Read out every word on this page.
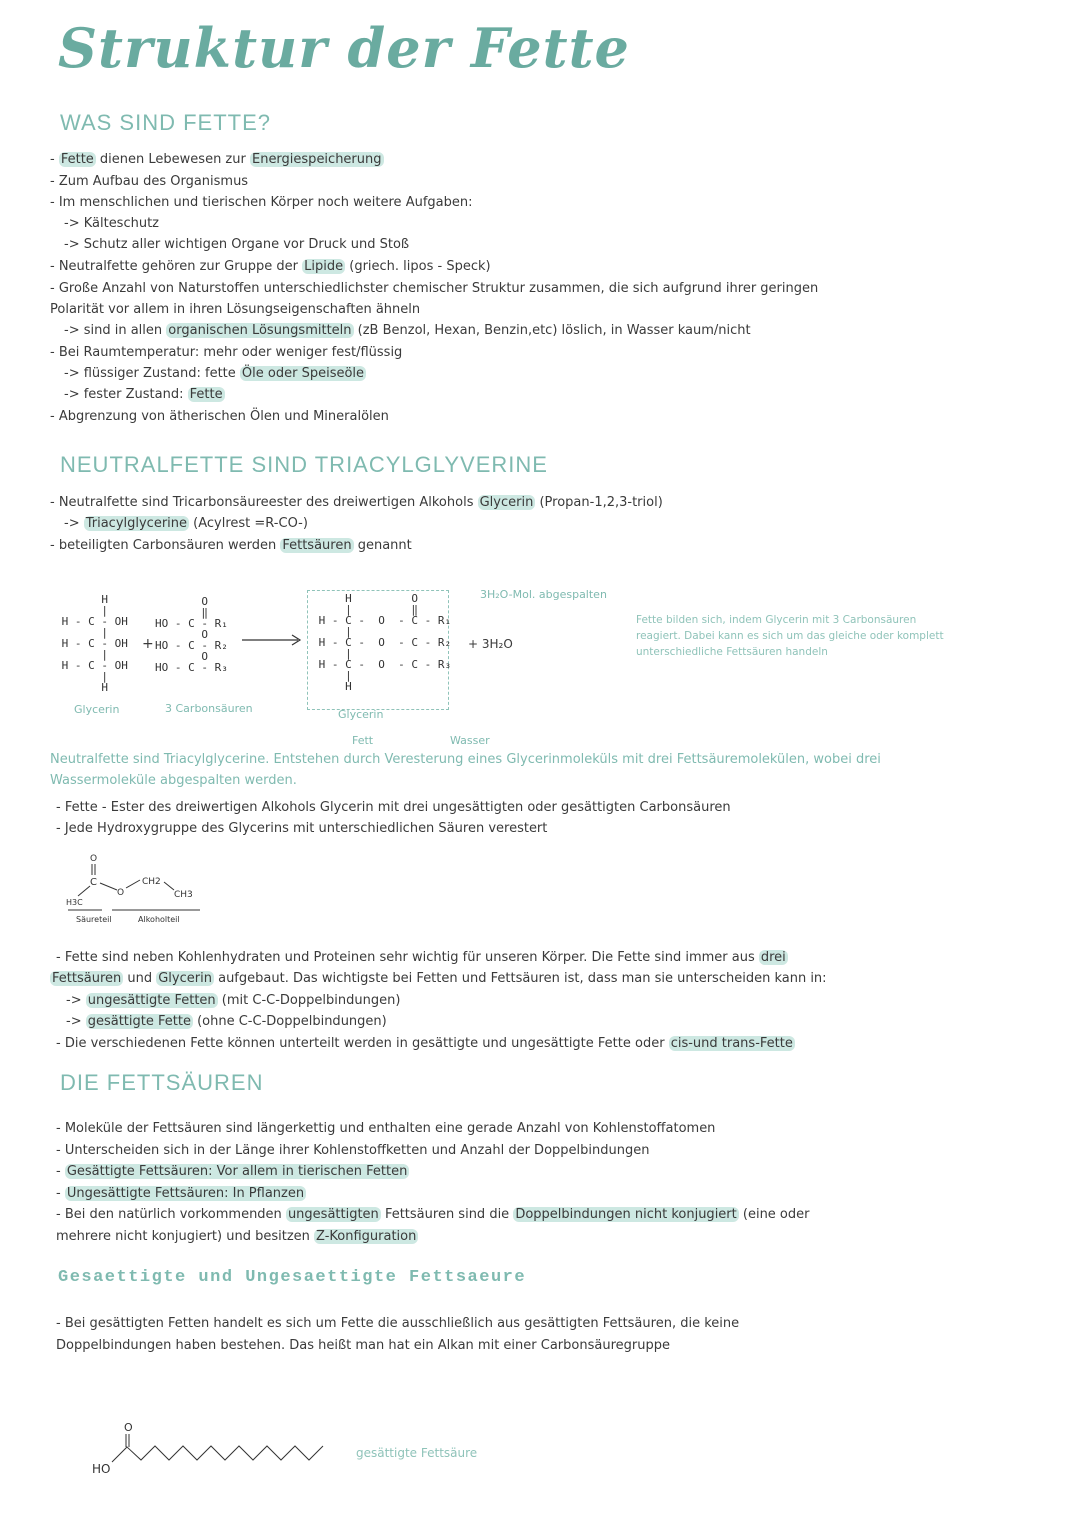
Struktur der Fette
WAS SIND FETTE?
- Fette dienen Lebewesen zur Energiespeicherung
- Zum Aufbau des Organismus
- Im menschlichen und tierischen Körper noch weitere Aufgaben:
-> Kälteschutz
-> Schutz aller wichtigen Organe vor Druck und Stoß
- Neutralfette gehören zur Gruppe der Lipide (griech. lipos - Speck)
- Große Anzahl von Naturstoffen unterschiedlichster chemischer Struktur zusammen, die sich aufgrund ihrer geringen
Polarität vor allem in ihren Lösungseigenschaften ähneln
-> sind in allen organischen Lösungsmitteln (zB Benzol, Hexan, Benzin,etc) löslich, in Wasser kaum/nicht
- Bei Raumtemperatur: mehr oder weniger fest/flüssig
-> flüssiger Zustand: fette Öle oder Speiseöle
-> fester Zustand: Fette
- Abgrenzung von ätherischen Ölen und Mineralölen
NEUTRALFETTE SIND TRIACYLGLYVERINE
- Neutralfette sind Tricarbonsäureester des dreiwertigen Alkohols Glycerin (Propan-1,2,3-triol)
-> Triacylglycerine (Acylrest =R-CO-)
- beteiligten Carbonsäuren werden Fettsäuren genannt
H
|
H - C - OH
|
H - C - OH
|
H - C - OH
|
H
Glycerin
+
O
‖
HO - C - R₁
O
HO - C - R₂
O
HO - C - R₃
3 Carbonsäuren
H         O
|         ‖
H - C -  O  - C - R₁
|
H - C -  O  - C - R₂
|
H - C -  O  - C - R₃
|
H
Glycerin
+ 3H₂O
3H₂O-Mol. abgespalten
Fett	Wasser
Fette bilden sich, indem Glycerin mit 3 Carbonsäuren
reagiert. Dabei kann es sich um das gleiche oder komplett
unterschiedliche Fettsäuren handeln
Neutralfette sind Triacylglycerine. Entstehen durch Veresterung eines Glycerinmoleküls mit drei Fettsäuremolekülen, wobei drei
Wassermoleküle abgespalten werden.
- Fette - Ester des dreiwertigen Alkohols Glycerin mit drei ungesättigten oder gesättigten Carbonsäuren
- Jede Hydroxygruppe des Glycerins mit unterschiedlichen Säuren verestert
O
C
H3C
O
CH2
CH3
Säureteil	Alkoholteil
- Fette sind neben Kohlenhydraten und Proteinen sehr wichtig für unseren Körper. Die Fette sind immer aus drei
Fettsäuren und Glycerin aufgebaut. Das wichtigste bei Fetten und Fettsäuren ist, dass man sie unterscheiden kann in:
-> ungesättigte Fetten (mit C-C-Doppelbindungen)
-> gesättigte Fette (ohne C-C-Doppelbindungen)
- Die verschiedenen Fette können unterteilt werden in gesättigte und ungesättigte Fette oder cis-und trans-Fette
DIE FETTSÄUREN
- Moleküle der Fettsäuren sind längerkettig und enthalten eine gerade Anzahl von Kohlenstoffatomen
- Unterscheiden sich in der Länge ihrer Kohlenstoffketten und Anzahl der Doppelbindungen
- Gesättigte Fettsäuren: Vor allem in tierischen Fetten
- Ungesättigte Fettsäuren: In Pflanzen
- Bei den natürlich vorkommenden ungesättigten Fettsäuren sind die Doppelbindungen nicht konjugiert (eine oder
mehrere nicht konjugiert) und besitzen Z-Konfiguration
Gesaettigte und Ungesaettigte Fettsaeure
- Bei gesättigten Fetten handelt es sich um Fette die ausschließlich aus gesättigten Fettsäuren, die keine
Doppelbindungen haben bestehen. Das heißt man hat ein Alkan mit einer Carbonsäuregruppe
O
HO
gesättigte Fettsäure
